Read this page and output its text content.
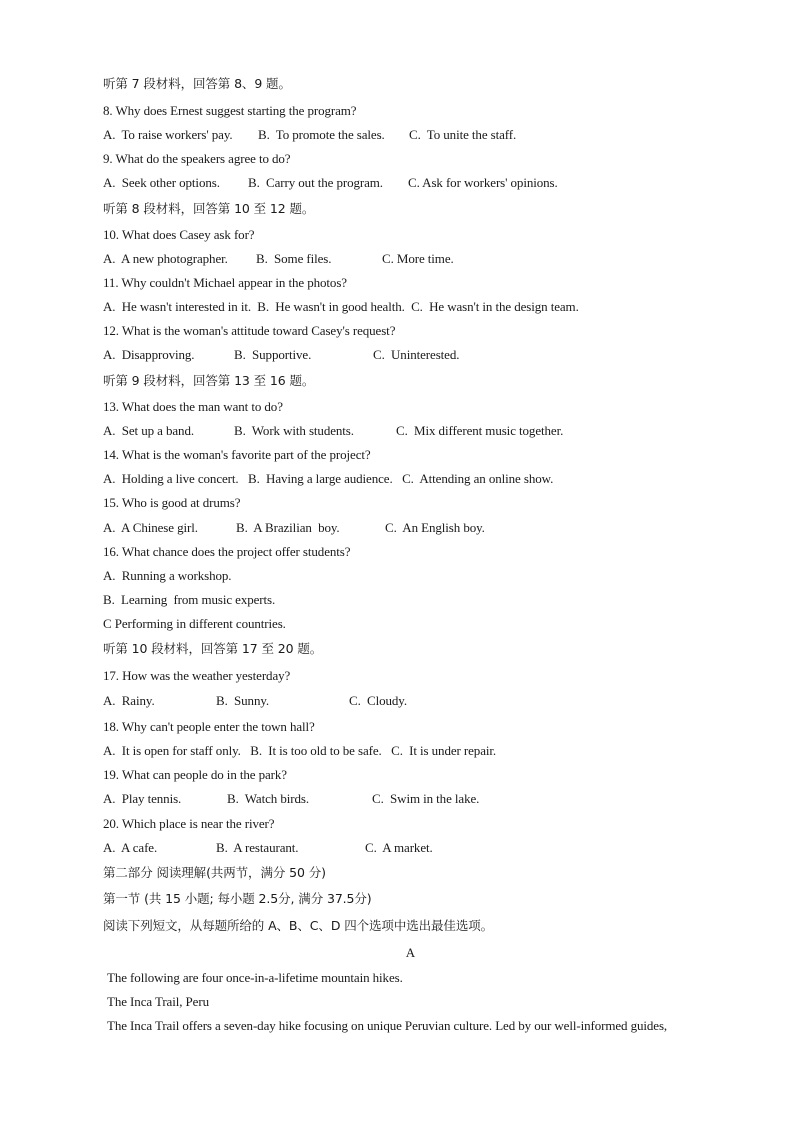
听第 7 段材料，回答第 8、9 题。
8. Why does Ernest suggest starting the program?
A.  To raise workers' pay. B.  To promote the sales. C.  To unite the staff.
9. What do the speakers agree to do?
A.  Seek other options. B.  Carry out the program. C. Ask for workers' opinions.
听第 8 段材料，回答第 10 至 12 题。
10. What does Casey ask for?
A.  A new photographer. B.  Some files.	C. More time.
11. Why couldn't Michael appear in the photos?
A.  He wasn't interested in it.  B.  He wasn't in good health.  C.  He wasn't in the design team.
12. What is the woman's attitude toward Casey's request?
A.  Disapproving.	B.  Supportive.	C.  Uninterested.
听第 9 段材料，回答第 13 至 16 题。
13. What does the man want to do?
A.  Set up a band.	B.  Work with students.	C.  Mix different music together.
14. What is the woman's favorite part of the project?
A.  Holding a live concert.   B.  Having a large audience.   C.  Attending an online show.
15. Who is good at drums?
A.  A Chinese girl.	B.  A Brazilian  boy.	C.  An English boy.
16. What chance does the project offer students?
A.  Running a workshop.
B.  Learning  from music experts.
C Performing in different countries.
听第 10 段材料，回答第 17 至 20 题。
17. How was the weather yesterday?
A.  Rainy.	B.  Sunny.	C.  Cloudy.
18. Why can't people enter the town hall?
A.  It is open for staff only.   B.  It is too old to be safe.   C.  It is under repair.
19. What can people do in the park?
A.  Play tennis.	B.  Watch birds.	C.  Swim in the lake.
20. Which place is near the river?
A.  A cafe.	B.  A restaurant.	C.  A market.
第二部分 阅读理解(共两节，满分 50 分)
第一节 (共 15 小题; 每小题 2.5分, 满分 37.5分)
阅读下列短文，从每题所给的 A、B、C、D 四个选项中选出最佳选项。
A
The following are four once-in-a-lifetime mountain hikes.
The Inca Trail, Peru
The Inca Trail offers a seven-day hike focusing on unique Peruvian culture. Led by our well-informed guides,
